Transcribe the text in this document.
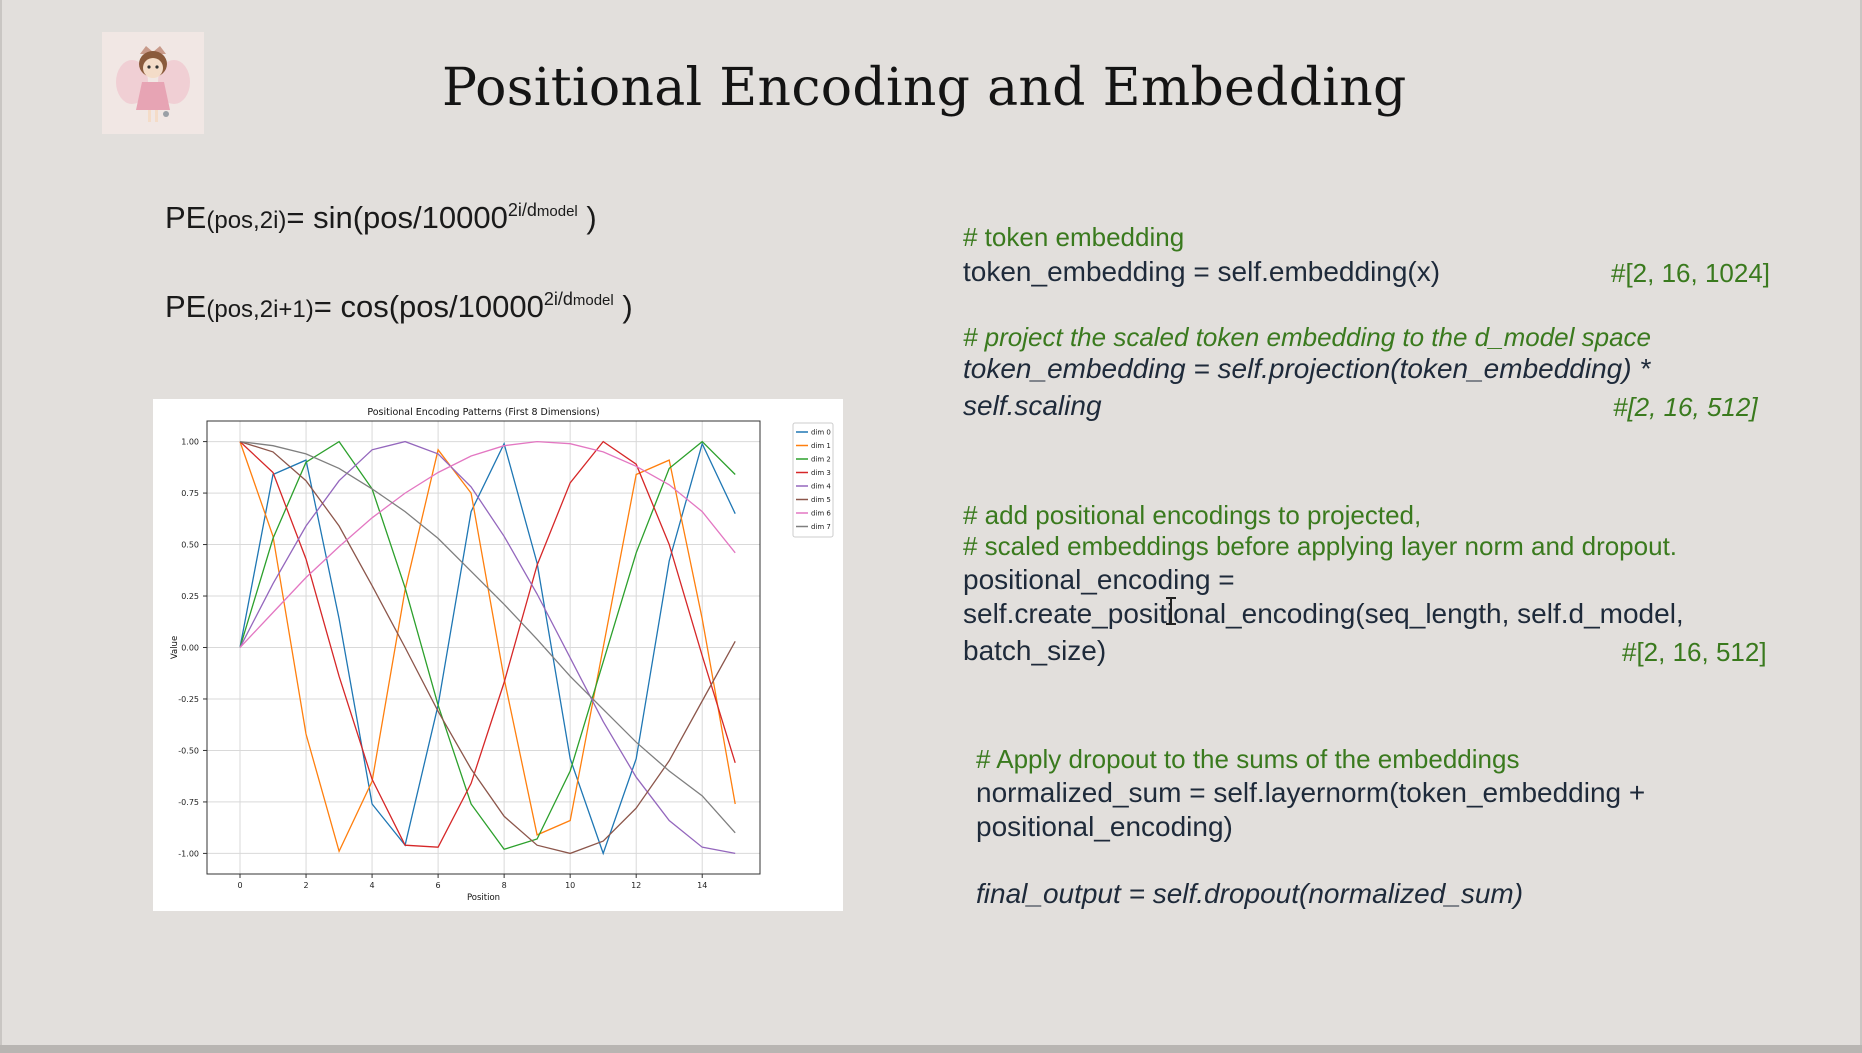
Positional Encoding and Embedding
$PE(pos,2i)= \sin(pos/10000^{2i/dmodel}$ )
$PE(pos,2i+1)= \cos(pos/10000^{2i/dmodel}$ )
0	2	4	6	8	10	12	14
1.00
0.75
0.50
0.25
0.00
-0.25
-0.50
-0.75
-1.00
Positional Encoding Patterns (First 8 Dimensions)
Position
Value
dim 0
dim 1
dim 2
dim 3
dim 4
dim 5
dim 6
dim 7
# token embedding
token_embedding = self.embedding(x)	#[2, 16, 1024]
# project the scaled token embedding to the d_model space
token_embedding = self.projection(token_embedding) *
self.scaling	#[2, 16, 512]
# add positional encodings to projected,
# scaled embeddings before applying layer norm and dropout.
positional_encoding =
self.create_positional_encoding(seq_length, self.d_model,
batch_size)	#[2, 16, 512]
# Apply dropout to the sums of the embeddings
normalized_sum = self.layernorm(token_embedding +
positional_encoding)
final_output = self.dropout(normalized_sum)
